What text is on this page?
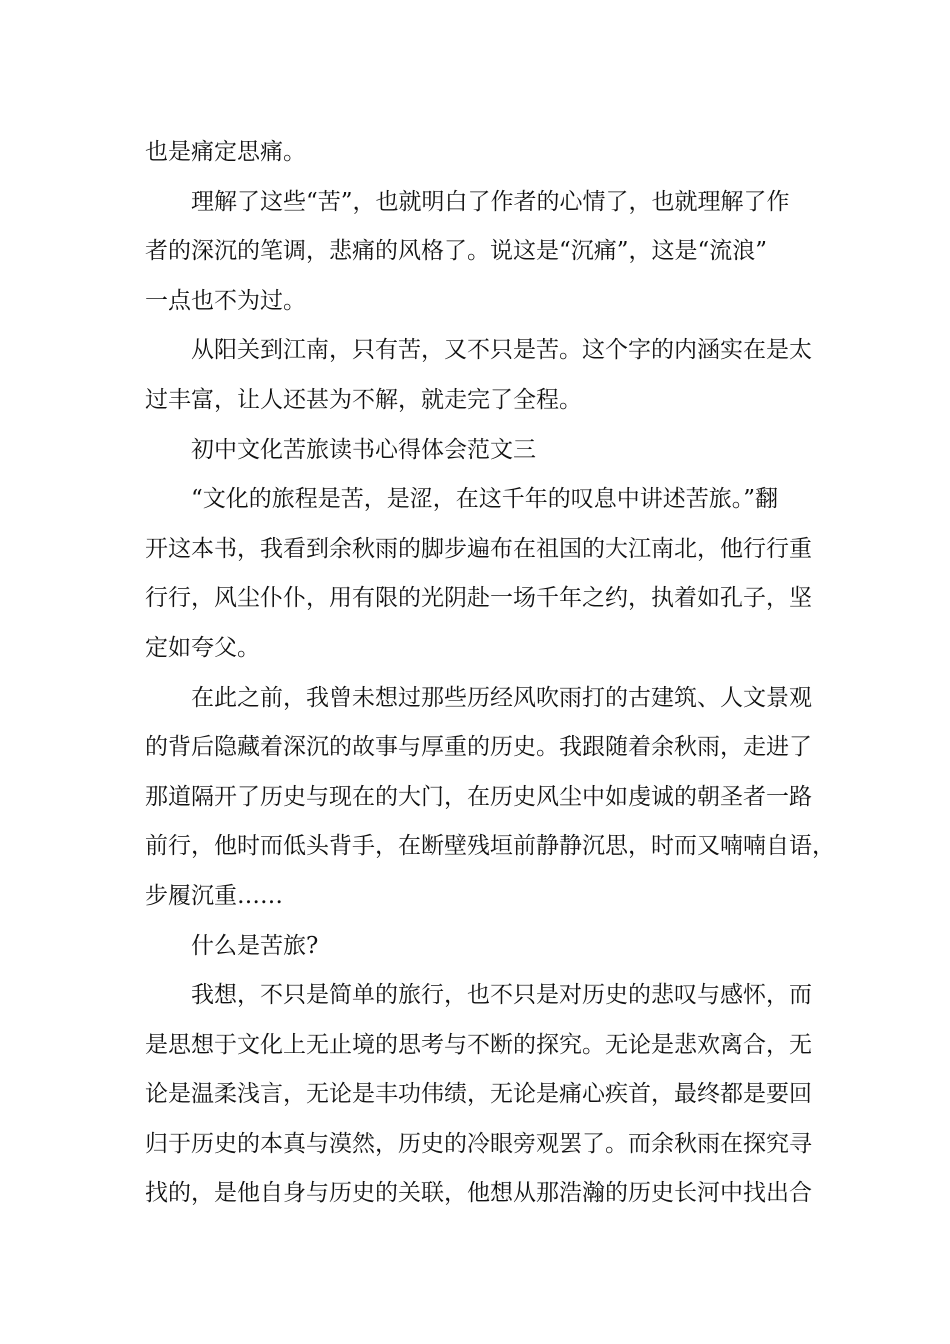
也是痛定思痛。
理解了这些“苦”，也就明白了作者的心情了，也就理解了作
者的深沉的笔调，悲痛的风格了。说这是“沉痛”，这是“流浪”
一点也不为过。
从阳关到江南，只有苦，又不只是苦。这个字的内涵实在是太
过丰富，让人还甚为不解，就走完了全程。
初中文化苦旅读书心得体会范文三
“文化的旅程是苦，是涩，在这千年的叹息中讲述苦旅。”翻
开这本书，我看到余秋雨的脚步遍布在祖国的大江南北，他行行重
行行，风尘仆仆，用有限的光阴赴一场千年之约，执着如孔子，坚
定如夸父。
在此之前，我曾未想过那些历经风吹雨打的古建筑、人文景观
的背后隐藏着深沉的故事与厚重的历史。我跟随着余秋雨，走进了
那道隔开了历史与现在的大门，在历史风尘中如虔诚的朝圣者一路
前行，他时而低头背手，在断壁残垣前静静沉思，时而又喃喃自语，
步履沉重……
什么是苦旅?
我想，不只是简单的旅行，也不只是对历史的悲叹与感怀，而
是思想于文化上无止境的思考与不断的探究。无论是悲欢离合，无
论是温柔浅言，无论是丰功伟绩，无论是痛心疾首，最终都是要回
归于历史的本真与漠然，历史的冷眼旁观罢了。而余秋雨在探究寻
找的，是他自身与历史的关联，他想从那浩瀚的历史长河中找出合
